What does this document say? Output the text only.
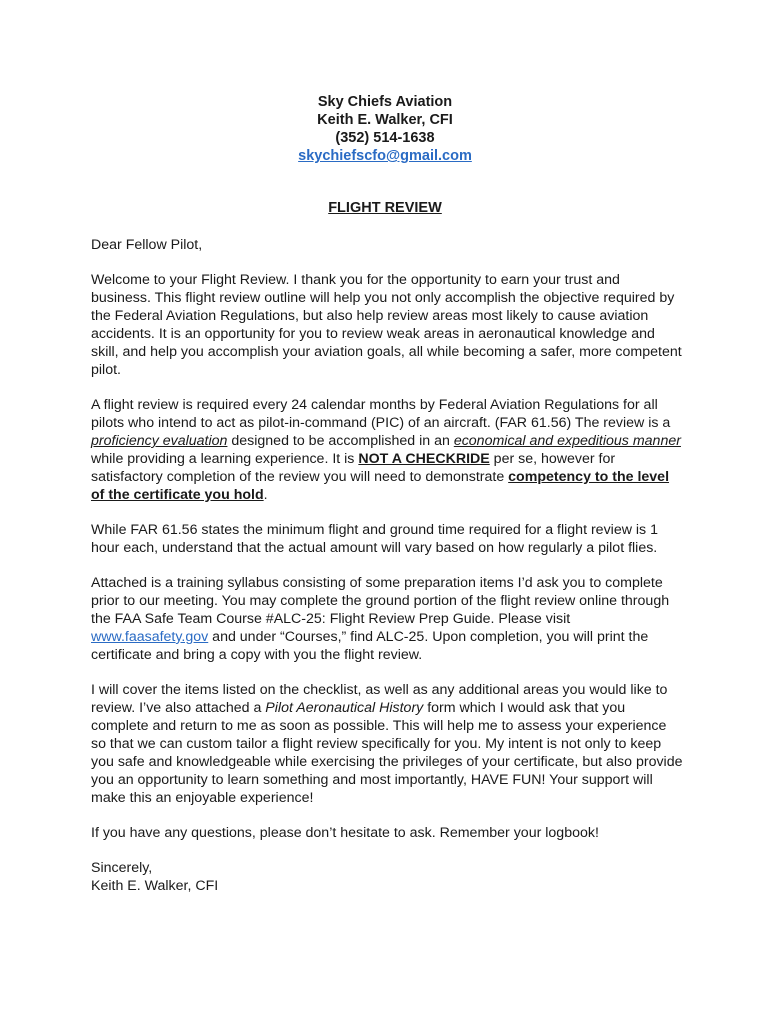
Sky Chiefs Aviation
Keith E. Walker, CFI
(352) 514-1638
skychiefscfo@gmail.com
FLIGHT REVIEW

Dear Fellow Pilot,

Welcome to your Flight Review. I thank you for the opportunity to earn your trust and business. This flight review outline will help you not only accomplish the objective required by the Federal Aviation Regulations, but also help review areas most likely to cause aviation accidents. It is an opportunity for you to review weak areas in aeronautical knowledge and skill, and help you accomplish your aviation goals, all while becoming a safer, more competent pilot.

A flight review is required every 24 calendar months by Federal Aviation Regulations for all pilots who intend to act as pilot-in-command (PIC) of an aircraft. (FAR 61.56) The review is a proficiency evaluation designed to be accomplished in an economical and expeditious manner while providing a learning experience. It is NOT A CHECKRIDE per se, however for satisfactory completion of the review you will need to demonstrate competency to the level of the certificate you hold.

While FAR 61.56 states the minimum flight and ground time required for a flight review is 1 hour each, understand that the actual amount will vary based on how regularly a pilot flies.

Attached is a training syllabus consisting of some preparation items I’d ask you to complete prior to our meeting. You may complete the ground portion of the flight review online through the FAA Safe Team Course #ALC-25: Flight Review Prep Guide. Please visit www.faasafety.gov and under “Courses,” find ALC-25. Upon completion, you will print the certificate and bring a copy with you the flight review.

I will cover the items listed on the checklist, as well as any additional areas you would like to review. I’ve also attached a Pilot Aeronautical History form which I would ask that you complete and return to me as soon as possible. This will help me to assess your experience so that we can custom tailor a flight review specifically for you. My intent is not only to keep you safe and knowledgeable while exercising the privileges of your certificate, but also provide you an opportunity to learn something and most importantly, HAVE FUN! Your support will make this an enjoyable experience!

If you have any questions, please don’t hesitate to ask. Remember your logbook!

Sincerely,
Keith E. Walker, CFI
